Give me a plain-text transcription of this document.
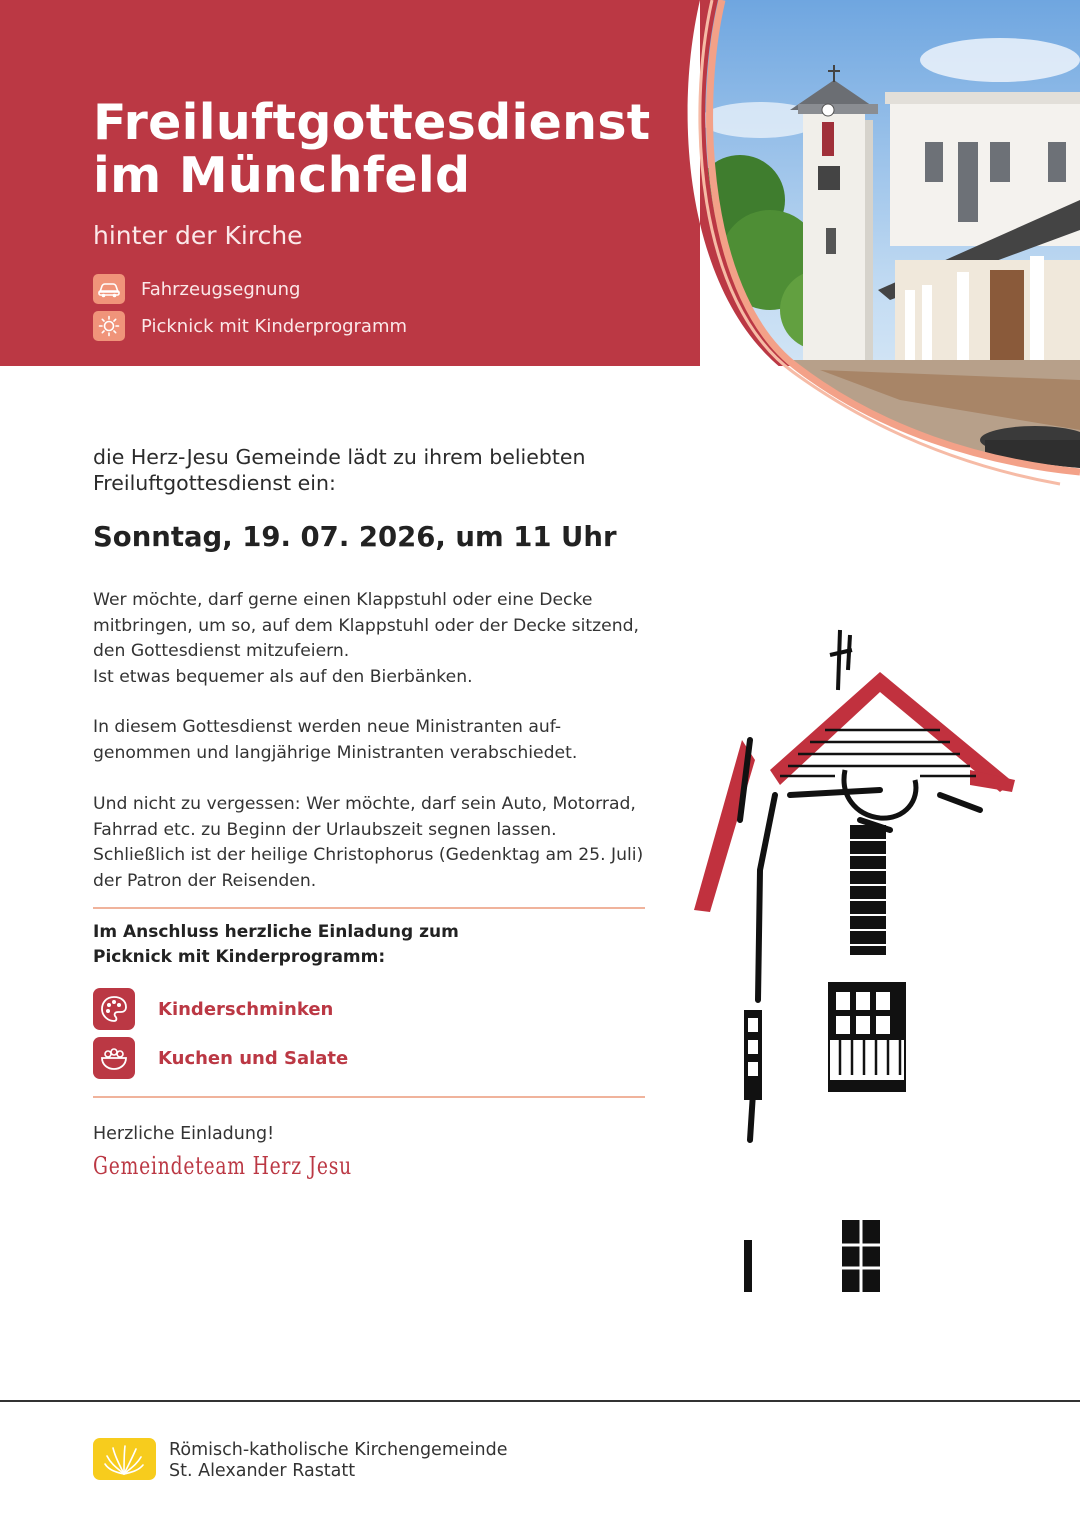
Freiluftgottesdienst
im Münchfeld
hinter der Kirche
Fahrzeugsegnung
Picknick mit Kinderprogramm
die Herz-Jesu Gemeinde lädt zu ihrem beliebten Freiluftgottesdienst ein:
Sonntag, 19. 07. 2026, um 11 Uhr
Wer möchte, darf gerne einen Klappstuhl oder eine Decke mitbringen, um so, auf dem Klappstuhl oder der Decke sitzend, den Gottesdienst mitzufeiern.
Ist etwas bequemer als auf den Bierbänken.
In diesem Gottesdienst werden neue Ministranten auf-
genommen und langjährige Ministranten verabschiedet.
Und nicht zu vergessen: Wer möchte, darf sein Auto, Motorrad, Fahrrad etc. zu Beginn der Urlaubszeit segnen lassen. Schließlich ist der heilige Christophorus (Gedenktag am 25. Juli) der Patron der Reisenden.
Im Anschluss herzliche Einladung zum
Picknick mit Kinderprogramm:
Kinderschminken
Kuchen und Salate
Herzliche Einladung!
Gemeindeteam Herz Jesu
Römisch-katholische Kirchengemeinde
St. Alexander Rastatt
